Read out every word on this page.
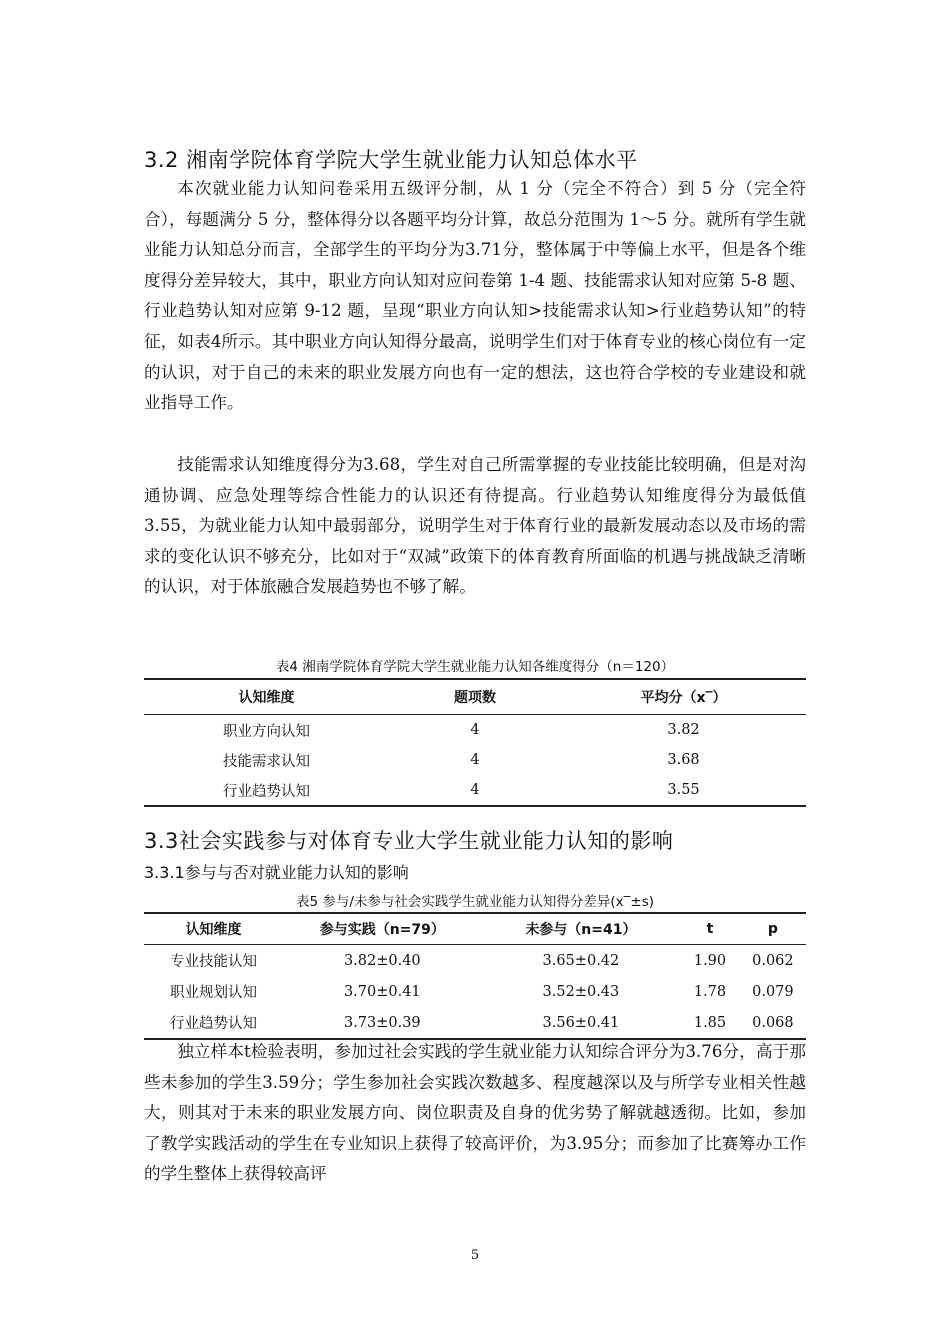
3.2 湘南学院体育学院大学生就业能力认知总体水平

本次就业能力认知问卷采用五级评分制，从 1 分（完全不符合）到 5 分（完全符合），每题满分 5 分，整体得分以各题平均分计算，故总分范围为 1～5 分。就所有学生就业能力认知总分而言，全部学生的平均分为3.71分，整体属于中等偏上水平，但是各个维度得分差异较大，其中，职业方向认知对应问卷第 1-4 题、技能需求认知对应第 5-8 题、行业趋势认知对应第 9-12 题，呈现“职业方向认知>技能需求认知>行业趋势认知”的特征，如表4所示。其中职业方向认知得分最高，说明学生们对于体育专业的核心岗位有一定的认识，对于自己的未来的职业发展方向也有一定的想法，这也符合学校的专业建设和就业指导工作。

技能需求认知维度得分为3.68，学生对自己所需掌握的专业技能比较明确，但是对沟通协调、应急处理等综合性能力的认识还有待提高。行业趋势认知维度得分为最低值3.55，为就业能力认知中最弱部分，说明学生对于体育行业的最新发展动态以及市场的需求的变化认识不够充分，比如对于“双减”政策下的体育教育所面临的机遇与挑战缺乏清晰的认识，对于体旅融合发展趋势也不够了解。

表4 湘南学院体育学院大学生就业能力认知各维度得分（n＝120）
认知维度	题项数	平均分（x‾）
职业方向认知	4	3.82
技能需求认知	4	3.68
行业趋势认知	4	3.55
3.3社会实践参与对体育专业大学生就业能力认知的影响
3.3.1参与与否对就业能力认知的影响
表5 参与/未参与社会实践学生就业能力认知得分差异(x‾±s)
认知维度	参与实践（n=79）	未参与（n=41）	t	p
专业技能认知	3.82±0.40	3.65±0.42	1.90	0.062
职业规划认知	3.70±0.41	3.52±0.43	1.78	0.079
行业趋势认知	3.73±0.39	3.56±0.41	1.85	0.068

独立样本t检验表明，参加过社会实践的学生就业能力认知综合评分为3.76分，高于那些未参加的学生3.59分；学生参加社会实践次数越多、程度越深以及与所学专业相关性越大，则其对于未来的职业发展方向、岗位职责及自身的优劣势了解就越透彻。比如，参加了教学实践活动的学生在专业知识上获得了较高评价，为3.95分；而参加了比赛筹办工作的学生整体上获得较高评

5
